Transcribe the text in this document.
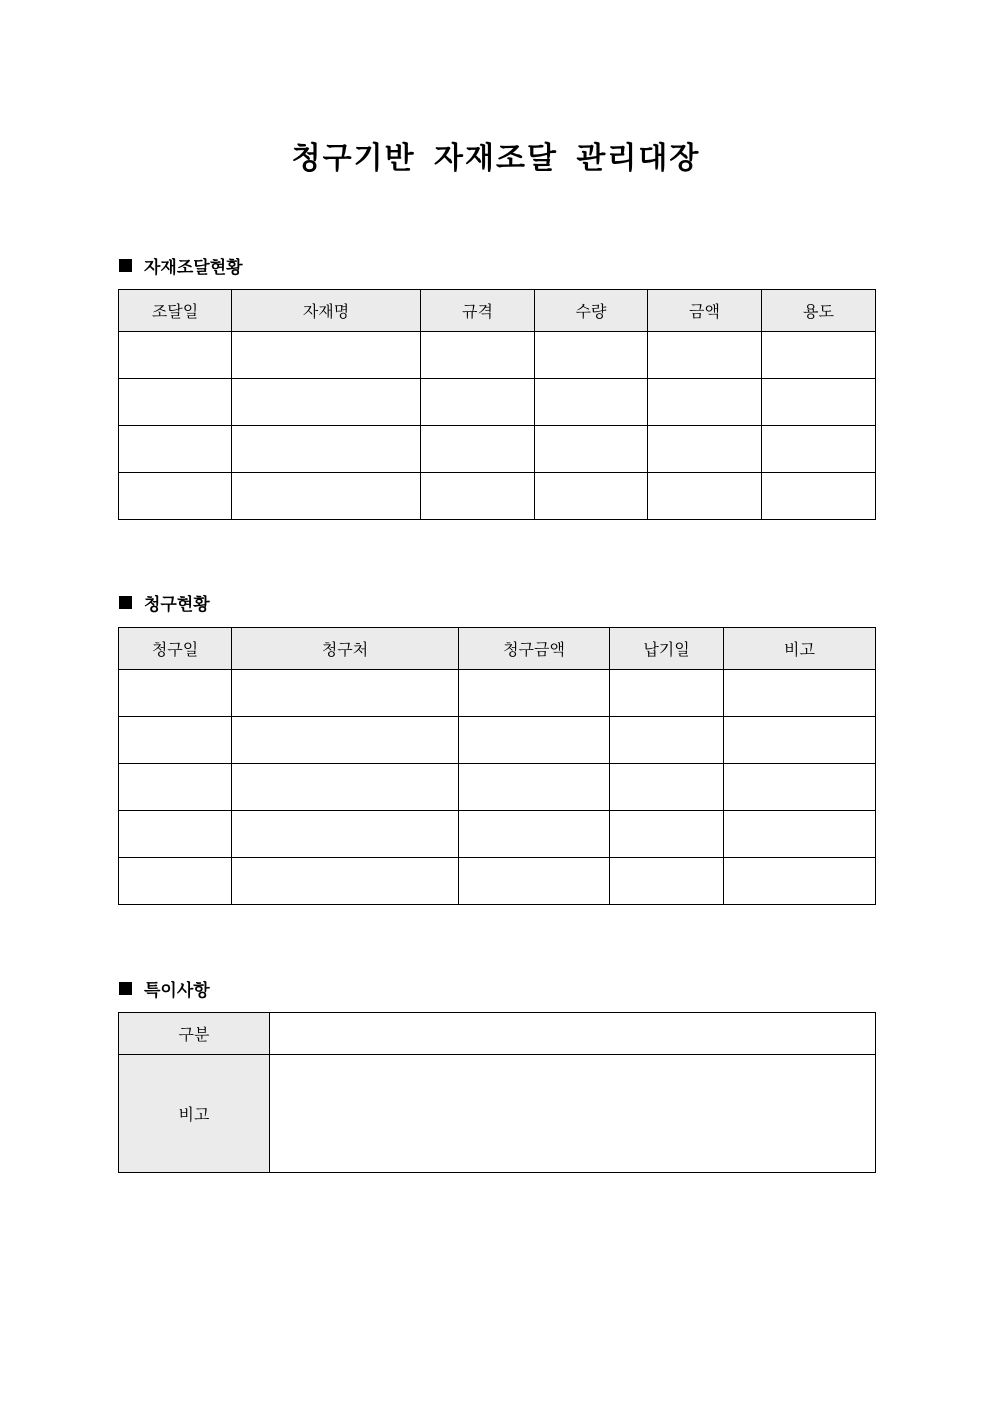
청구기반 자재조달 관리대장
자재조달현황
조달일	자재명	규격	수량	금액	용도

청구현황
청구일	청구처	청구금액	납기일	비고

특이사항
구분	
비고	
